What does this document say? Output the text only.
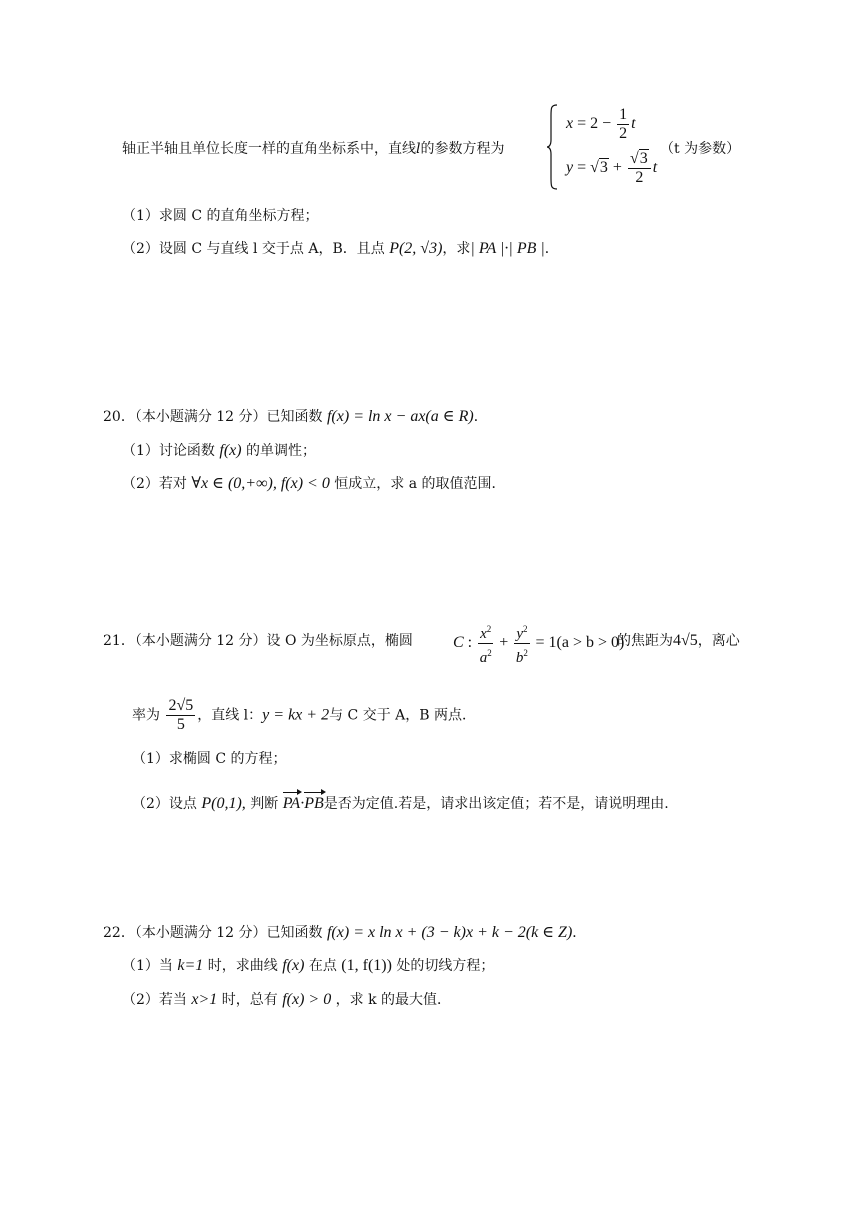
轴正半轴且单位长度一样的直角坐标系中，直线l的参数方程为
$x = 2 - \frac{1}{2}$ t
$y = √3 + \frac{√3}{2}$ t
（t 为参数）
（1）求圆 C 的直角坐标方程；
（2）设圆 C 与直线 l 交于点 A，B．且点 P(2, √3)，求| PA |·| PB |．
20．（本小题满分 12 分）已知函数 f(x) = ln x − ax(a ∈ R)．
（1）讨论函数 f(x) 的单调性；
（2）若对 ∀x ∈ (0,+∞), f(x) < 0 恒成立，求 a 的取值范围．
21．（本小题满分 12 分）设 O 为坐标原点，椭圆	C : $\frac{x^2}{a^2} + \frac{y^2}{b^2} = 1(a > b > 0)$
的焦距为4√5，离心
率为 $\frac{2√5}{5}$ ，直线 l：y = kx + 2与 C 交于 A，B 两点．
（1）求椭圆 C 的方程；
（2）设点 P(0,1), 判断 PA·PB是否为定值.若是，请求出该定值；若不是，请说明理由.
22．（本小题满分 12 分）已知函数 f(x) = x ln x + (3 − k)x + k − 2(k ∈ Z)．
（1）当 k=1 时，求曲线 f(x) 在点 (1, f(1)) 处的切线方程；
（2）若当 x>1 时，总有 f(x) > 0 ，求 k 的最大值．
